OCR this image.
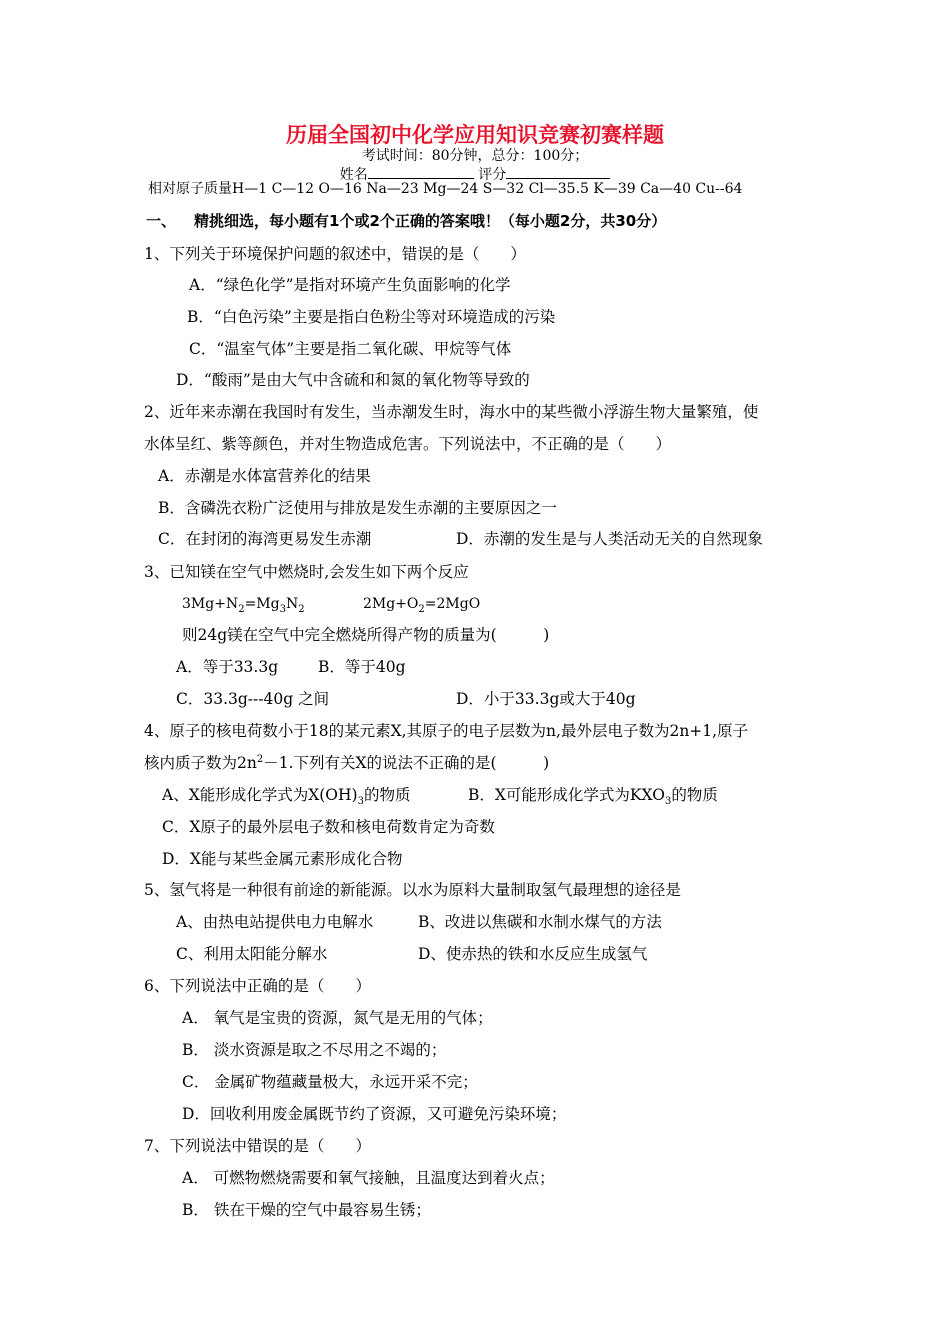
历届全国初中化学应用知识竞赛初赛样题
考试时间：80分钟，总分：100分；
姓名	评分
相对原子质量H—1 C—12 O—16 Na—23 Mg—24 S—32 Cl—35.5 K—39 Ca—40 Cu--64
一、 精挑细选，每小题有1个或2个正确的答案哦！（每小题2分，共30分）
1、下列关于环境保护问题的叙述中，错误的是（　　）
A．“绿色化学”是指对环境产生负面影响的化学
B．“白色污染”主要是指白色粉尘等对环境造成的污染
C．“温室气体”主要是指二氧化碳、甲烷等气体
D．“酸雨”是由大气中含硫和和氮的氧化物等导致的
2、近年来赤潮在我国时有发生，当赤潮发生时，海水中的某些微小浮游生物大量繁殖，使
水体呈红、紫等颜色，并对生物造成危害。下列说法中，不正确的是（　　）
A．赤潮是水体富营养化的结果
B．含磷洗衣粉广泛使用与排放是发生赤潮的主要原因之一
C．在封闭的海湾更易发生赤潮	D．赤潮的发生是与人类活动无关的自然现象
3、已知镁在空气中燃烧时,会发生如下两个反应
$3Mg+N_2=Mg_3N_2$	$2Mg+O_2=2MgO$
则24g镁在空气中完全燃烧所得产物的质量为(　　　)
A．等于33.3g	B．等于40g
C．33.3g---40g 之间	D．小于33.3g或大于40g
4、原子的核电荷数小于18的某元素X,其原子的电子层数为n,最外层电子数为2n+1,原子
核内质子数为$2n^2-1$.下列有关X的说法不正确的是(　　　)
A、X能形成化学式为$X(OH)_3$的物质	B．X可能形成化学式为$KXO_3$的物质
C．X原子的最外层电子数和核电荷数肯定为奇数
D．X能与某些金属元素形成化合物
5、氢气将是一种很有前途的新能源。以水为原料大量制取氢气最理想的途径是
A、由热电站提供电力电解水	B、改进以焦碳和水制水煤气的方法
C、利用太阳能分解水	D、使赤热的铁和水反应生成氢气
6、下列说法中正确的是（　　）
A． 氧气是宝贵的资源，氮气是无用的气体；
B． 淡水资源是取之不尽用之不竭的；
C． 金属矿物蕴藏量极大，永远开采不完；
D．回收利用废金属既节约了资源，又可避免污染环境；
7、下列说法中错误的是（　　）
A． 可燃物燃烧需要和氧气接触，且温度达到着火点；
B． 铁在干燥的空气中最容易生锈；
